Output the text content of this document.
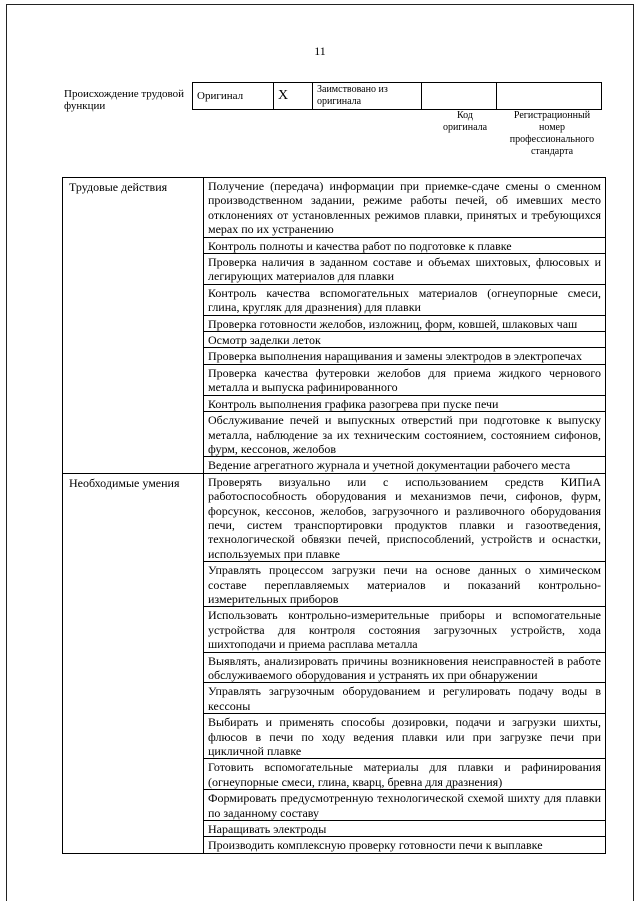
11
Происхождение трудовой функции
Оригинал	X	Заимствовано из оригинала		
Код оригинала
Регистрационный номер профессионального стандарта
Трудовые действия	Получение (передача) информации при приемке-сдаче смены о сменном производственном задании, режиме работы печей, об имевших место отклонениях от установленных режимов плавки, принятых и требующихся мерах по их устранению
	Контроль полноты и качества работ по подготовке к плавке
	Проверка наличия в заданном составе и объемах шихтовых, флюсовых и легирующих материалов для плавки
	Контроль качества вспомогательных материалов (огнеупорные смеси, глина, кругляк для дразнения) для плавки
	Проверка готовности желобов, изложниц, форм, ковшей, шлаковых чаш
	Осмотр заделки леток
	Проверка выполнения наращивания и замены электродов в электропечах
	Проверка качества футеровки желобов для приема жидкого чернового металла и выпуска рафинированного
	Контроль выполнения графика разогрева при пуске печи
	Обслуживание печей и выпускных отверстий при подготовке к выпуску металла, наблюдение за их техническим состоянием, состоянием сифонов, фурм, кессонов, желобов
	Ведение агрегатного журнала и учетной документации рабочего места
Необходимые умения	Проверять визуально или с использованием средств КИПиА работоспособность оборудования и механизмов печи, сифонов, фурм, форсунок, кессонов, желобов, загрузочного и разливочного оборудования печи, систем транспортировки продуктов плавки и газоотведения, технологической обвязки печей, приспособлений, устройств и оснастки, используемых при плавке
	Управлять процессом загрузки печи на основе данных о химическом составе переплавляемых материалов и показаний контрольно-измерительных приборов
	Использовать контрольно-измерительные приборы и вспомогательные устройства для контроля состояния загрузочных устройств, хода шихтоподачи и приема расплава металла
	Выявлять, анализировать причины возникновения неисправностей в работе обслуживаемого оборудования и устранять их при обнаружении
	Управлять загрузочным оборудованием и регулировать подачу воды в кессоны
	Выбирать и применять способы дозировки, подачи и загрузки шихты, флюсов в печи по ходу ведения плавки или при загрузке печи при цикличной плавке
	Готовить вспомогательные материалы для плавки и рафинирования (огнеупорные смеси, глина, кварц, бревна для дразнения)
	Формировать предусмотренную технологической схемой шихту для плавки по заданному составу
	Наращивать электроды
	Производить комплексную проверку готовности печи к выплавке
